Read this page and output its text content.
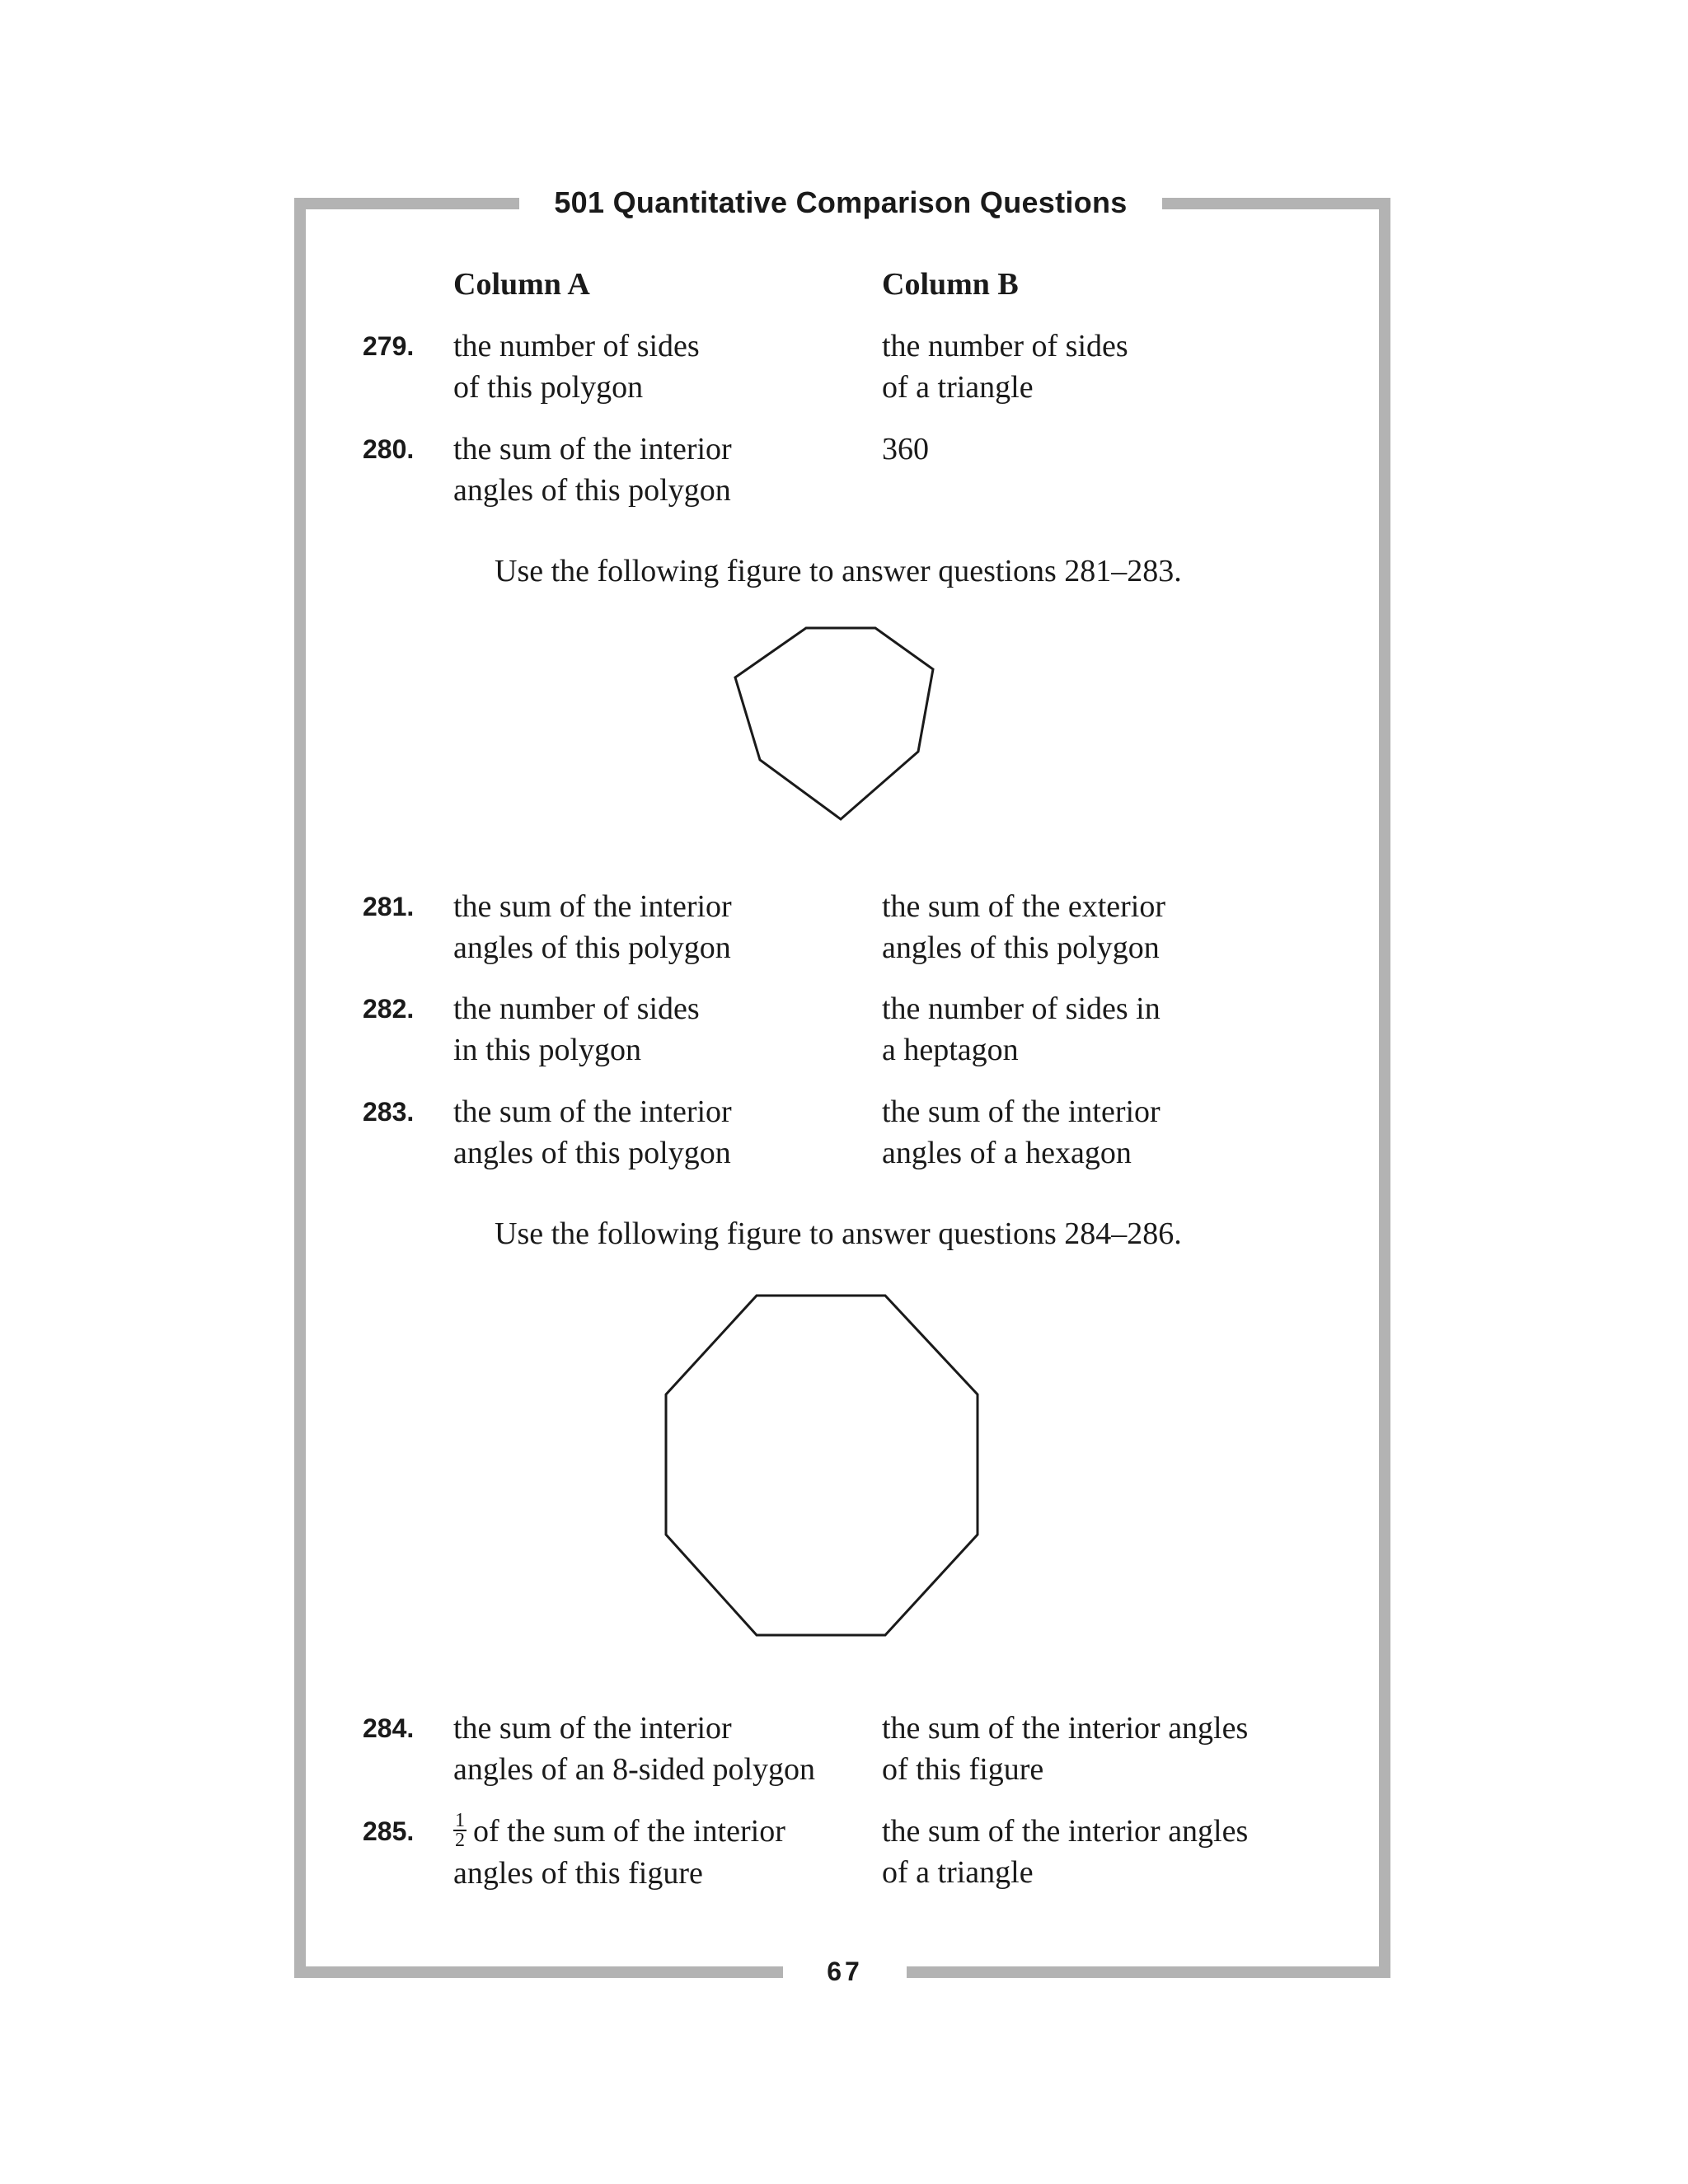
501 Quantitative Comparison Questions
Column A	Column B
279. the number of sides
of this polygon
the number of sides
of a triangle
280. the sum of the interior
angles of this polygon
360
Use the following figure to answer questions 281–283.
281. the sum of the interior
angles of this polygon
the sum of the exterior
angles of this polygon
282. the number of sides
in this polygon
the number of sides in
a heptagon
283. the sum of the interior
angles of this polygon
the sum of the interior
angles of a hexagon
Use the following figure to answer questions 284–286.
284. the sum of the interior
angles of an 8-sided polygon
the sum of the interior angles
of this figure
285. $\frac{1}{2}$ of the sum of the interior
angles of this figure
the sum of the interior angles
of a triangle
67
